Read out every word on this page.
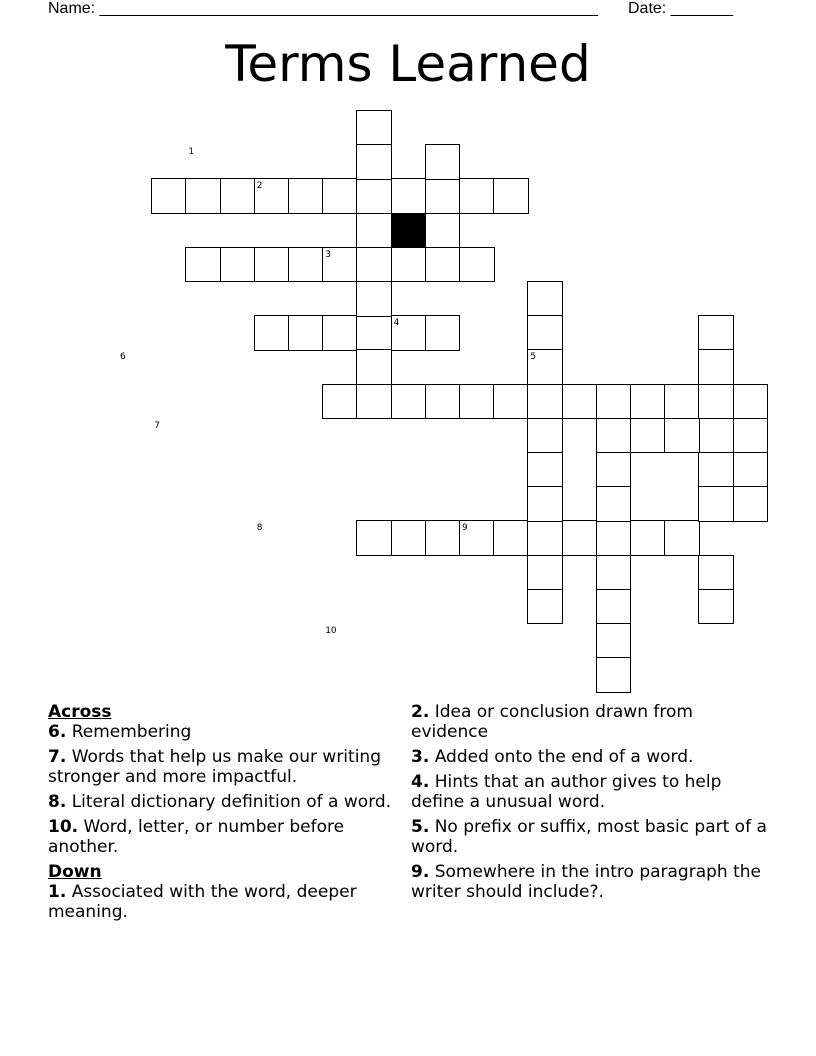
Name: ________________________________________________________ Date: _______
Terms Learned
1
2
3
4
5
6
7
8	9
10
Across
6. Remembering
7. Words that help us make our writing stronger and more impactful.
8. Literal dictionary definition of a word.
10. Word, letter, or number before another.
Down
1. Associated with the word, deeper meaning.
2. Idea or conclusion drawn from evidence
3. Added onto the end of a word.
4. Hints that an author gives to help define a unusual word.
5. No prefix or suffix, most basic part of a word.
9. Somewhere in the intro paragraph the writer should include?.
